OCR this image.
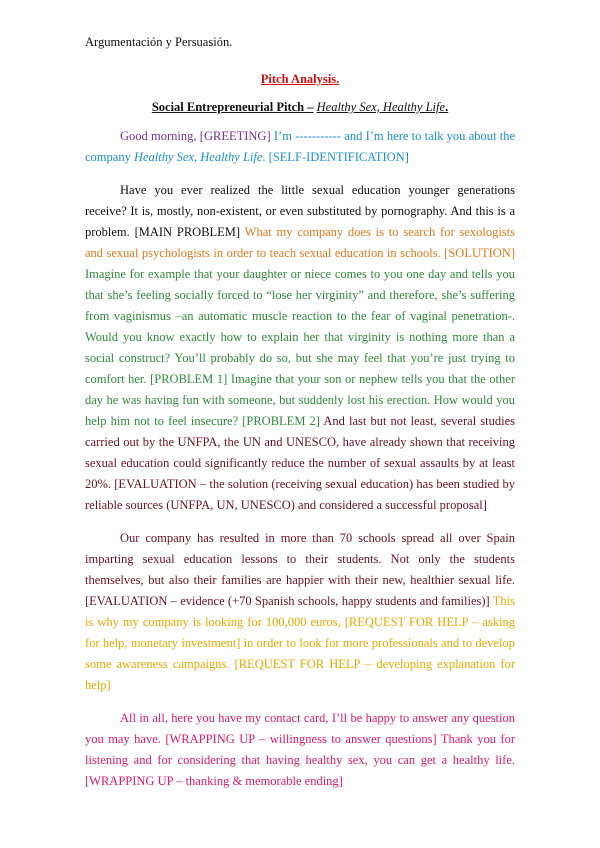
Argumentación y Persuasión.
Pitch Analysis.
Social Entrepreneurial Pitch – Healthy Sex, Healthy Life.

Good morning, [GREETING] I’m ----------- and I’m here to talk you about the company Healthy Sex, Healthy Life. [SELF-IDENTIFICATION]

Have you ever realized the little sexual education younger generations receive? It is, mostly, non-existent, or even substituted by pornography. And this is a problem. [MAIN PROBLEM] What my company does is to search for sexologists and sexual psychologists in order to teach sexual education in schools. [SOLUTION] Imagine for example that your daughter or niece comes to you one day and tells you that she’s feeling socially forced to “lose her virginity” and therefore, she’s suffering from vaginismus –an automatic muscle reaction to the fear of vaginal penetration-. Would you know exactly how to explain her that virginity is nothing more than a social construct? You’ll probably do so, but she may feel that you’re just trying to comfort her. [PROBLEM 1] Imagine that your son or nephew tells you that the other day he was having fun with someone, but suddenly lost his erection. How would you help him not to feel insecure? [PROBLEM 2] And last but not least, several studies carried out by the UNFPA, the UN and UNESCO, have already shown that receiving sexual education could significantly reduce the number of sexual assaults by at least 20%. [EVALUATION – the solution (receiving sexual education) has been studied by reliable sources (UNFPA, UN, UNESCO) and considered a successful proposal]

Our company has resulted in more than 70 schools spread all over Spain imparting sexual education lessons to their students. Not only the students themselves, but also their families are happier with their new, healthier sexual life. [EVALUATION – evidence (+70 Spanish schools, happy students and families)] This is why my company is looking for 100,000 euros, [REQUEST FOR HELP – asking for help, monetary investment] in order to look for more professionals and to develop some awareness campaigns. [REQUEST FOR HELP – developing explanation for help]

All in all, here you have my contact card, I’ll be happy to answer any question you may have. [WRAPPING UP – willingness to answer questions] Thank you for listening and for considering that having healthy sex, you can get a healthy life. [WRAPPING UP – thanking & memorable ending]
